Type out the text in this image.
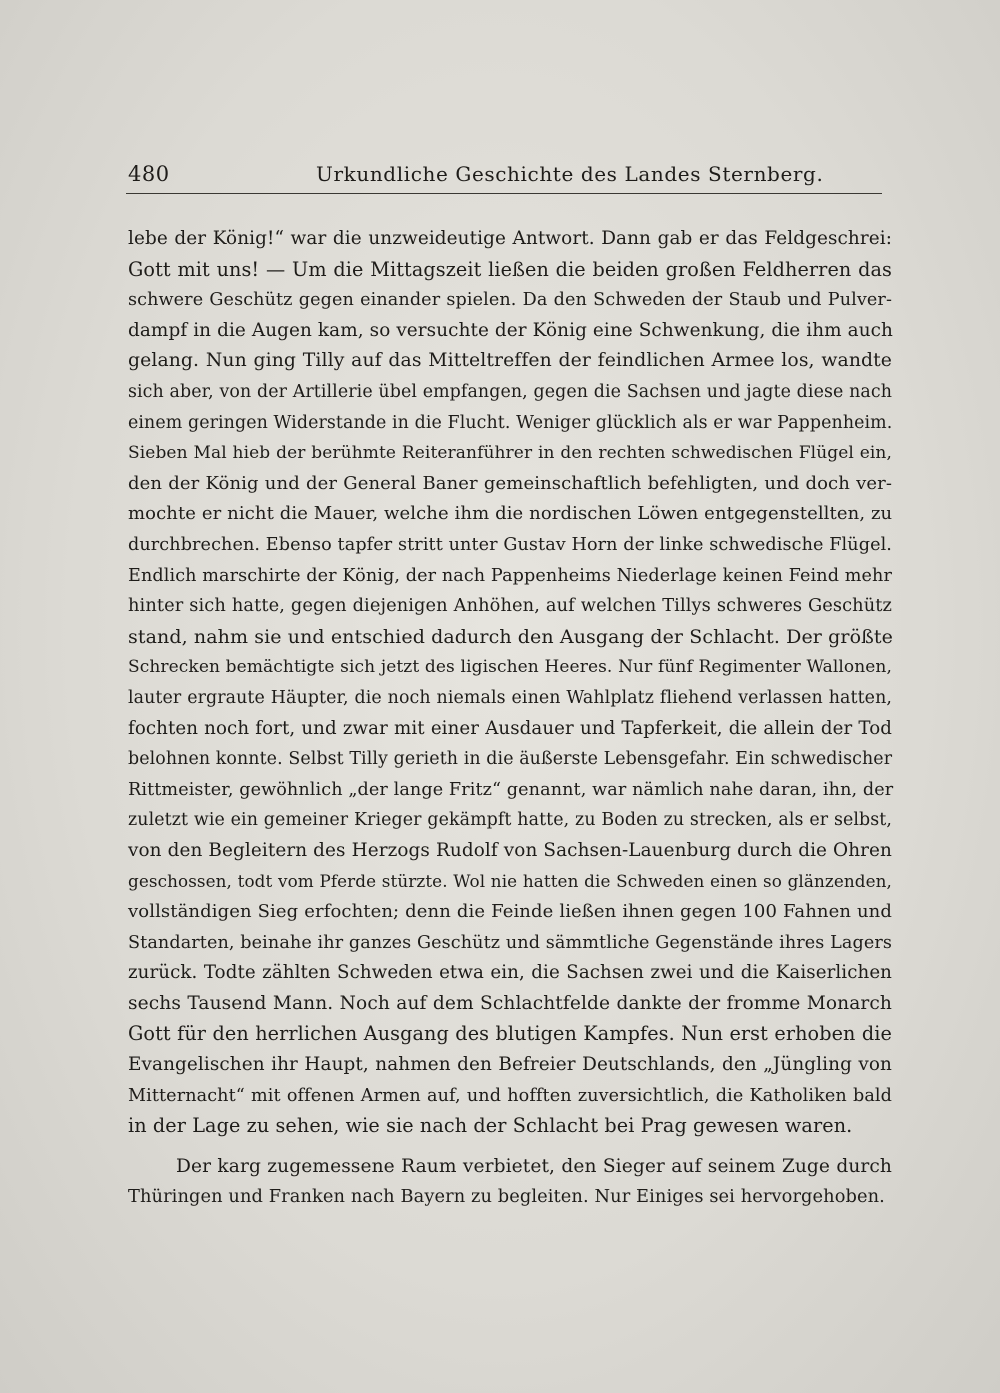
480	Urkundliche Geschichte des Landes Sternberg.
lebe der König!“ war die unzweideutige Antwort. Dann gab er das Feldgeschrei:
Gott mit uns! — Um die Mittagszeit ließen die beiden großen Feldherren das
schwere Geschütz gegen einander spielen. Da den Schweden der Staub und Pulver-
dampf in die Augen kam, so versuchte der König eine Schwenkung, die ihm auch
gelang. Nun ging Tilly auf das Mitteltreffen der feindlichen Armee los, wandte
sich aber, von der Artillerie übel empfangen, gegen die Sachsen und jagte diese nach
einem geringen Widerstande in die Flucht. Weniger glücklich als er war Pappenheim.
Sieben Mal hieb der berühmte Reiteranführer in den rechten schwedischen Flügel ein,
den der König und der General Baner gemeinschaftlich befehligten, und doch ver-
mochte er nicht die Mauer, welche ihm die nordischen Löwen entgegenstellten, zu
durchbrechen. Ebenso tapfer stritt unter Gustav Horn der linke schwedische Flügel.
Endlich marschirte der König, der nach Pappenheims Niederlage keinen Feind mehr
hinter sich hatte, gegen diejenigen Anhöhen, auf welchen Tillys schweres Geschütz
stand, nahm sie und entschied dadurch den Ausgang der Schlacht. Der größte
Schrecken bemächtigte sich jetzt des ligischen Heeres. Nur fünf Regimenter Wallonen,
lauter ergraute Häupter, die noch niemals einen Wahlplatz fliehend verlassen hatten,
fochten noch fort, und zwar mit einer Ausdauer und Tapferkeit, die allein der Tod
belohnen konnte. Selbst Tilly gerieth in die äußerste Lebensgefahr. Ein schwedischer
Rittmeister, gewöhnlich „der lange Fritz“ genannt, war nämlich nahe daran, ihn, der
zuletzt wie ein gemeiner Krieger gekämpft hatte, zu Boden zu strecken, als er selbst,
von den Begleitern des Herzogs Rudolf von Sachsen-Lauenburg durch die Ohren
geschossen, todt vom Pferde stürzte. Wol nie hatten die Schweden einen so glänzenden,
vollständigen Sieg erfochten; denn die Feinde ließen ihnen gegen 100 Fahnen und
Standarten, beinahe ihr ganzes Geschütz und sämmtliche Gegenstände ihres Lagers
zurück. Todte zählten Schweden etwa ein, die Sachsen zwei und die Kaiserlichen
sechs Tausend Mann. Noch auf dem Schlachtfelde dankte der fromme Monarch
Gott für den herrlichen Ausgang des blutigen Kampfes. Nun erst erhoben die
Evangelischen ihr Haupt, nahmen den Befreier Deutschlands, den „Jüngling von
Mitternacht“ mit offenen Armen auf, und hofften zuversichtlich, die Katholiken bald
in der Lage zu sehen, wie sie nach der Schlacht bei Prag gewesen waren.
Der karg zugemessene Raum verbietet, den Sieger auf seinem Zuge durch
Thüringen und Franken nach Bayern zu begleiten. Nur Einiges sei hervorgehoben.
